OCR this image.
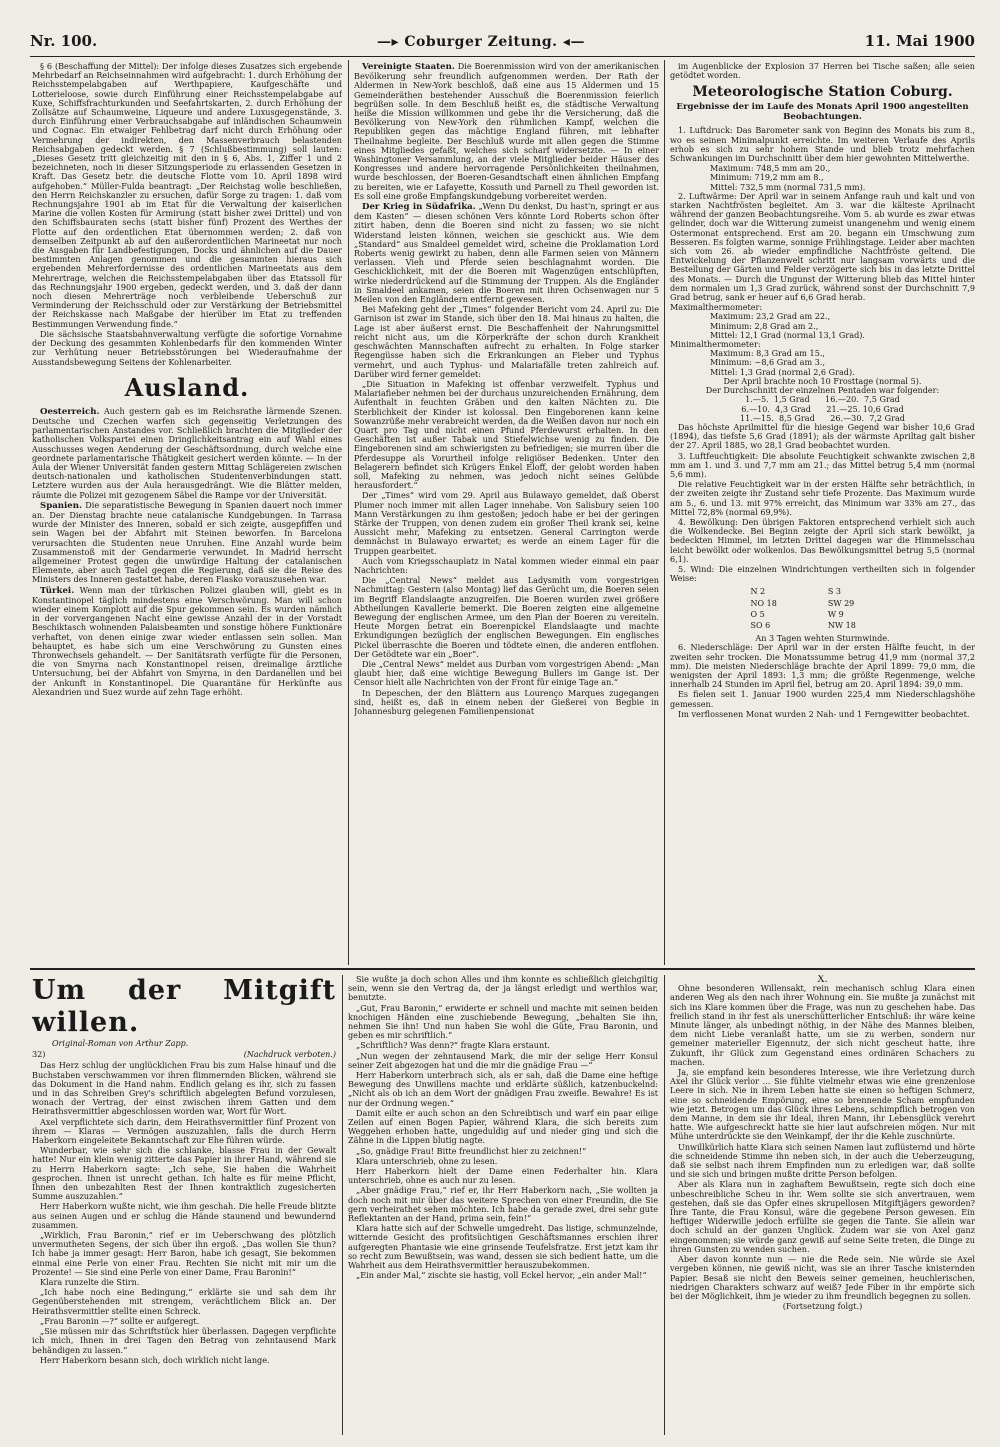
Nr. 100.	—▸ Coburger Zeitung. ◂—	11. Mai 1900

§ 6 (Beschaffung der Mittel): Der infolge dieses Zusatzes sich ergebende Mehrbedarf an Reichseinnahmen wird aufgebracht: 1. durch Erhöhung der Reichsstempelabgaben auf Werthpapiere, Kaufgeschäfte und Lotterieloose, sowie durch Einführung einer Reichsstempelabgabe auf Kuxe, Schiffsfrachturkunden und Seefahrtskarten, 2. durch Erhöhung der Zollsätze auf Schaumweine, Liqueure und andere Luxusgegenstände, 3. durch Einführung einer Verbrauchsabgabe auf inländischen Schaumwein und Cognac. Ein etwaiger Fehlbetrag darf nicht durch Erhöhung oder Vermehrung der indirekten, den Massenverbrauch belastenden Reichsabgaben gedeckt werden. § 7 (Schlußbestimmung) soll lauten: „Dieses Gesetz tritt gleichzeitig mit den in § 6, Abs. 1, Ziffer 1 und 2 bezeichneten, noch in dieser Sitzungsperiode zu erlassenden Gesetzen in Kraft. Das Gesetz betr. die deutsche Flotte vom 10. April 1898 wird aufgehoben.“ Müller-Fulda beantragt: „Der Reichstag wolle beschließen, den Herrn Reichskanzler zu ersuchen, dafür Sorge zu tragen: 1. daß vom Rechnungsjahre 1901 ab im Etat für die Verwaltung der kaiserlichen Marine die vollen Kosten für Armirung (statt bisher zwei Drittel) und von den Schiffsbauraten sechs (statt bisher fünf) Prozent des Werthes der Flotte auf den ordentlichen Etat übernommen werden; 2. daß von demselben Zeitpunkt ab auf den außerordentlichen Marineetat nur noch die Ausgaben für Landbefestigungen, Docks und ähnlichen auf die Dauer bestimmten Anlagen genommen und die gesammten hieraus sich ergebenden Mehrerfordernisse des ordentlichen Marineetats aus dem Mehrertrage, welchen die Reichsstempelabgaben über das Etatssoll für das Rechnungsjahr 1900 ergeben, gedeckt werden, und 3. daß der dann noch diesen Mehrerträge noch verbleibende Ueberschuß zur Verminderung der Reichsschuld oder zur Verstärkung der Betriebsmittel der Reichskasse nach Maßgabe der hierüber im Etat zu treffenden Bestimmungen Verwendung finde.“

Die sächsische Staatsbahnverwaltung verfügte die sofortige Vornahme der Deckung des gesammten Kohlenbedarfs für den kommenden Winter zur Verhütung neuer Betriebsstörungen bei Wiederaufnahme der Ausstandsbewegung Seitens der Kohlenarbeiter.

Ausland.

Oesterreich. Auch gestern gab es im Reichsrathe lärmende Szenen. Deutsche und Czechen warfen sich gegenseitig Verletzungen des parlamentarischen Anstandes vor. Schließlich brachten die Mitglieder der katholischen Volkspartei einen Dringlichkeitsantrag ein auf Wahl eines Ausschusses wegen Aenderung der Geschäftsordnung, durch welche eine geordnete parlamentarische Thätigkeit gesichert werden könnte. — In der Aula der Wiener Universität fanden gestern Mittag Schlägereien zwischen deutsch-nationalen und katholischen Studentenverbindungen statt. Letztere wurden aus der Aula herausgedrängt. Wie die Blätter melden, räumte die Polizei mit gezogenem Säbel die Rampe vor der Universität.

Spanien. Die separatistische Bewegung in Spanien dauert noch immer an. Der Dienstag brachte neue catalanische Kundgebungen. In Tarrasa wurde der Minister des Inneren, sobald er sich zeigte, ausgepfiffen und sein Wagen bei der Abfahrt mit Steinen beworfen. In Barcelona verursachten die Studenten neue Unruhen. Eine Anzahl wurde beim Zusammenstoß mit der Gendarmerie verwundet. In Madrid herrscht allgemeiner Protest gegen die unwürdige Haltung der catalanischen Elemente, aber auch Tadel gegen die Regierung, daß sie die Reise des Ministers des Inneren gestattet habe, deren Fiasko vorauszusehen war.

Türkei. Wenn man der türkischen Polizei glauben will, giebt es in Konstantinopel täglich mindestens eine Verschwörung. Man will schon wieder einem Komplott auf die Spur gekommen sein. Es wurden nämlich in der vorvergangenen Nacht eine gewisse Anzahl der in der Vorstadt Beschiktasch wohnenden Palaisbeamten und sonstige höhere Funktionäre verhaftet, von denen einige zwar wieder entlassen sein sollen. Man behauptet, es habe sich um eine Verschwörung zu Gunsten eines Thronwechsels gehandelt. — Der Sanitätsrath verfügte für die Personen, die von Smyrna nach Konstantinopel reisen, dreimalige ärztliche Untersuchung, bei der Abfahrt von Smyrna, in den Dardanellen und bei der Ankunft in Konstantinopel. Die Quarantäne für Herkünfte aus Alexandrien und Suez wurde auf zehn Tage erhöht.

Vereinigte Staaten. Die Boerenmission wird von der amerikanischen Bevölkerung sehr freundlich aufgenommen werden. Der Rath der Aldermen in New-York beschloß, daß eine aus 15 Aldermen und 15 Gemeinderäthen bestehender Ausschuß die Boerenmission feierlich begrüßen solle. In dem Beschluß heißt es, die städtische Verwaltung heiße die Mission willkommen und gebe ihr die Versicherung, daß die Bevölkerung von New-York den rühmlichen Kampf, welchen die Republiken gegen das mächtige England führen, mit lebhafter Theilnahme begleite. Der Beschluß wurde mit allen gegen die Stimme eines Mitgliedes gefaßt, welches sich scharf widersetzte. — In einer Washingtoner Versammlung, an der viele Mitglieder beider Häuser des Kongresses und andere hervorragende Persönlichkeiten theilnahmen, wurde beschlossen, der Boeren-Gesandtschaft einen ähnlichen Empfang zu bereiten, wie er Lafayette, Kossuth und Parnell zu Theil geworden ist. Es soll eine große Empfangskundgebung vorbereitet werden.

Der Krieg in Südafrika. „Wenn Du denkst, Du hast'n, springt er aus dem Kasten“ — diesen schönen Vers könnte Lord Roberts schon öfter zitirt haben, denn die Boeren sind nicht zu fassen; wo sie nicht Widerstand leisten können, weichen sie geschickt aus. Wie dem „Standard“ aus Smaldeel gemeldet wird, scheine die Proklamation Lord Roberts wenig gewirkt zu haben, denn alle Farmen seien von Männern verlassen. Vieh und Pferde seien beschlagnahmt worden. Die Geschicklichkeit, mit der die Boeren mit Wagenzügen entschlüpften, wirke niederdrückend auf die Stimmung der Truppen. Als die Engländer in Smaldeel ankamen, seien die Boeren mit ihren Ochsenwagen nur 5 Meilen von den Engländern entfernt gewesen.

Bei Mafeking geht der „Times“ folgender Bericht vom 24. April zu: Die Garnison ist zwar im Stande, sich über den 18. Mai hinaus zu halten, die Lage ist aber äußerst ernst. Die Beschaffenheit der Nahrungsmittel reicht nicht aus, um die Körperkräfte der schon durch Krankheit geschwächten Mannschaften aufrecht zu erhalten. In Folge starker Regengüsse haben sich die Erkrankungen an Fieber und Typhus vermehrt, und auch Typhus- und Malariafälle treten zahlreich auf. Darüber wird ferner gemeldet:

„Die Situation in Mafeking ist offenbar verzweifelt. Typhus und Malariafieber nehmen bei der durchaus unzureichenden Ernährung, dem Aufenthalt in feuchten Gräben und den kalten Nächten zu. Die Sterblichkeit der Kinder ist kolossal. Den Eingeborenen kann keine Sowanzrüße mehr verabreicht werden, da die Weißen davon nur noch ein Quart pro Tag und nicht einen Pfund Pferdewurst erhalten. In den Geschäften ist außer Tabak und Stiefelwichse wenig zu finden. Die Eingeborenen sind am schwierigsten zu befriedigen; sie murren über die Pferdesuppe als Vorurtheil infolge religiöser Bedenken. Unter den Belagerern befindet sich Krügers Enkel Eloff, der gelobt worden haben soll, Mafeking zu nehmen, was jedoch nicht seines Gelübde herausfordert.“

Der „Times“ wird vom 29. April aus Bulawayo gemeldet, daß Oberst Plumer noch immer mit allen Lager innehabe. Von Salisbury seien 100 Mann Verstärkungen zu ihm gestoßen; jedoch habe er bei der geringen Stärke der Truppen, von denen zudem ein großer Theil krank sei, keine Aussicht mehr, Mafeking zu entsetzen. General Carrington werde demnächst in Bulawayo erwartet; es werde an einem Lager für die Truppen gearbeitet.

Auch vom Kriegsschauplatz in Natal kommen wieder einmal ein paar Nachrichten:

Die „Central News“ meldet aus Ladysmith vom vorgestrigen Nachmittag: Gestern (also Montag) lief das Gerücht um, die Boeren seien im Begriff Elandslaagte anzugreifen. Die Boeren wurden zwei größere Abtheilungen Kavallerie bemerkt. Die Boeren zeigten eine allgemeine Bewegung der englischen Armee, um den Plan der Boeren zu vereiteln. Heute Morgen betrat ein Boerenpickel Elandslaagte und machte Erkundigungen bezüglich der englischen Bewegungen. Ein englisches Pickel überraschte die Boeren und tödtete einen, die anderen entflohen. Der Getödtete war ein „Boer“.

Die „Central News“ meldet aus Durban vom vorgestrigen Abend: „Man glaubt hier, daß eine wichtige Bewegung Bullers im Gange ist. Der Censor hielt alle Nachrichten von der Front für einige Tage an.“

In Depeschen, der den Blättern aus Lourenço Marques zugegangen sind, heißt es, daß in einem neben der Gießerei von Begbie in Johannesburg gelegenen Familienpensionat

im Augenblicke der Explosion 37 Herren bei Tische saßen; alle seien getödtet worden.

Meteorologische Station Coburg.
Ergebnisse der im Laufe des Monats April 1900 angestellten Beobachtungen.

1. Luftdruck: Das Barometer sank von Beginn des Monats bis zum 8., wo es seinen Minimalpunkt erreichte. Im weiteren Verlaufe des Aprils erhob es sich zu sehr hohem Stande und blieb trotz mehrfachen Schwankungen im Durchschnitt über dem hier gewohnten Mittelwerthe.

Maximum: 748,5 mm am 20.,
Minimum: 719,2 mm am 8.,
Mittel: 732,5 mm (normal 731,5 mm).

2. Luftwärme: Der April war in seinem Anfange rauh und kalt und von starken Nachtfrösten begleitet. Am 3. war die kälteste Aprilnacht während der ganzen Beobachtungsreihe. Vom 5. ab wurde es zwar etwas gelinder, doch war die Witterung zumeist unangenehm und wenig einem Ostermonat entsprechend. Erst am 20. begann ein Umschwung zum Besseren. Es folgten warme, sonnige Frühlingstage. Leider aber machten sich vom 26. ab wieder empfindliche Nachtfröste geltend. Die Entwickelung der Pflanzenwelt schritt nur langsam vorwärts und die Bestellung der Gärten und Felder verzögerte sich bis in das letzte Drittel des Monats. — Durch die Ungunst der Witterung blieb das Mittel hinter dem normalen um 1,3 Grad zurück, während sonst der Durchschnitt 7,9 Grad betrug, sank er heuer auf 6,6 Grad herab.

Maximalthermometer:
Maximum: 23,2 Grad am 22.,
Minimum: 2,8 Grad am 2.,
Mittel: 12,1 Grad (normal 13,1 Grad).
Minimalthermometer:
Maximum: 8,3 Grad am 15.,
Minimum: −8,6 Grad am 3.,
Mittel: 1,3 Grad (normal 2,6 Grad).
Der April brachte noch 10 Frosttage (normal 5).
Der Durchschnitt der einzelnen Pentaden war folgender:
1.—5.  1,5 Grad      16.—20.  7,5 Grad
6.—10.  4,3 Grad      21.—25. 10,6 Grad
11.—15.  8,5 Grad      26.—30.  7,2 Grad

Das höchste Aprilmittel für die hiesige Gegend war bisher 10,6 Grad (1894), das tiefste 5,6 Grad (1891); als der wärmste Apriltag galt bisher der 27. April 1885, wo 28,1 Grad beobachtet wurden.

3. Luftfeuchtigkeit: Die absolute Feuchtigkeit schwankte zwischen 2,8 mm am 1. und 3. und 7,7 mm am 21.; das Mittel betrug 5,4 mm (normal 5,6 mm).

Die relative Feuchtigkeit war in der ersten Hälfte sehr beträchtlich, in der zweiten zeigte ihr Zustand sehr tiefe Prozente. Das Maximum wurde am 5., 6. und 13. mit 97% erreicht, das Minimum war 33% am 27., das Mittel 72,8% (normal 69,9%).

4. Bewölkung: Den übrigen Faktoren entsprechend verhielt sich auch die Wolkendecke. Bei Beginn zeigte der April sich stark bewölkt, ja bedeckten Himmel, im letzten Drittel dagegen war die Himmelsschau leicht bewölkt oder wolkenlos. Das Bewölkungsmittel betrug 5,5 (normal 6,1).

5. Wind: Die einzelnen Windrichtungen vertheilten sich in folgender Weise:

N 2	S 3
NO 18	SW 29
O 5	W 9
SO 6	NW 18
An 3 Tagen wehten Sturmwinde.

6. Niederschläge: Der April war in der ersten Hälfte feucht, in der zweiten sehr trocken. Die Monatssumme betrug 41,9 mm (normal 37,2 mm). Die meisten Niederschläge brachte der April 1899: 79,0 mm, die wenigsten der April 1893: 1,3 mm; die größte Regenmenge, welche innerhalb 24 Stunden im April fiel, betrug am 20. April 1894: 39,0 mm.

Es fielen seit 1. Januar 1900 wurden 225,4 mm Niederschlagshöhe gemessen.

Im verflossenen Monat wurden 2 Nah- und 1 Ferngewitter beobachtet.

Um der Mitgift willen.
Original-Roman von Arthur Zapp.
32)	(Nachdruck verboten.)

Das Herz schlug der unglücklichen Frau bis zum Halse hinauf und die Buchstaben verschwammen vor ihren flimmernden Blicken, während sie das Dokument in die Hand nahm. Endlich gelang es ihr, sich zu fassen und in das Schreiben Grey's schriftlich abgelegten Befund vorzulesen, wonach der Vertrag, der einst zwischen ihrem Gatten und dem Heirathsvermittler abgeschlossen worden war, Wort für Wort.

Axel verpflichtete sich darin, dem Heirathsvermittler fünf Prozent von ihrem — Klaras — Vermögen auszuzahlen, falls die durch Herrn Haberkorn eingeleitete Bekanntschaft zur Ehe führen würde.

Wunderbar, wie sehr sich die schlanke, blasse Frau in der Gewalt hatte! Nur ein klein wenig zitterte das Papier in ihrer Hand, während sie zu Herrn Haberkorn sagte: „Ich sehe, Sie haben die Wahrheit gesprochen. Ihnen ist unrecht gethan. Ich halte es für meine Pflicht, Ihnen den unbezahlten Rest der Ihnen kontraktlich zugesicherten Summe auszuzahlen.“

Herr Haberkorn wußte nicht, wie ihm geschah. Die helle Freude blitzte aus seinen Augen und er schlug die Hände staunend und bewundernd zusammen.

„Wirklich, Frau Baronin,“ rief er im Ueberschwang des plötzlich unvermutheten Segens, der sich über ihn ergoß. „Das wollen Sie thun? Ich habe ja immer gesagt: Herr Baron, habe ich gesagt, Sie bekommen einmal eine Perle von einer Frau. Rechten Sie nicht mit mir um die Prozente! — Sie sind eine Perle von einer Dame, Frau Baronin!“

Klara runzelte die Stirn.

„Ich habe noch eine Bedingung,“ erklärte sie und sah dem ihr Gegenüberstehenden mit strengem, verächtlichem Blick an. Der Heirathsvermittler stellte einen Schreck.

„Frau Baronin —?“ sollte er aufgeregt.

„Sie müssen mir das Schriftstück hier überlassen. Dagegen verpflichte ich mich, Ihnen in drei Tagen den Betrag von zehntausend Mark behändigen zu lassen.“

Herr Haberkorn besann sich, doch wirklich nicht lange.

Sie wußte ja doch schon Alles und ihm konnte es schließlich gleichgiltig sein, wenn sie den Vertrag da, der ja längst erledigt und werthlos war, benutzte.

„Gut, Frau Baronin,“ erwiderte er schnell und machte mit seinen beiden knochigen Händen eine zuschiebende Bewegung, „behalten Sie ihn, nehmen Sie ihn! Und nun haben Sie wohl die Güte, Frau Baronin, und geben es mir schriftlich.“

„Schriftlich? Was denn?“ fragte Klara erstaunt.

„Nun wegen der zehntausend Mark, die mir der selige Herr Konsul seiner Zeit abgezogen hat und die mir die gnädige Frau —“

Herr Haberkorn unterbrach sich, als er sah, daß die Dame eine heftige Bewegung des Unwillens machte und erklärte süßlich, katzenbuckelnd: „Nicht als ob ich an dem Wort der gnädigen Frau zweifle. Bewahre! Es ist nur der Ordnung wegen.“

Damit eilte er auch schon an den Schreibtisch und warf ein paar eilige Zeilen auf einen Bogen Papier, während Klara, die sich bereits zum Weggehen erhoben hatte, ungeduldig auf und nieder ging und sich die Zähne in die Lippen blutig nagte.

„So, gnädige Frau! Bitte freundlichst hier zu zeichnen!“

Klara unterschrieb, ohne zu lesen.

Herr Haberkorn hielt der Dame einen Federhalter hin. Klara unterschrieb, ohne es auch nur zu lesen.

„Aber gnädige Frau,“ rief er, ihr Herr Haberkorn nach, „Sie wollten ja doch noch mit mir über das weitere Sprechen von einer Freundin, die Sie gern verheirathet sehen möchten. Ich habe da gerade zwei, drei sehr gute Reflektanten an der Hand, prima sein, fein!“

Klara hatte sich auf der Schwelle umgedreht. Das listige, schmunzelnde, witternde Gesicht des profitsüchtigen Geschäftsmannes erschien ihrer aufgeregten Phantasie wie eine grinsende Teufelsfratze. Erst jetzt kam ihr so recht zum Bewußtsein, was wand, dessen sie sich bedient hatte, um die Wahrheit aus dem Heirathsvermittler herauszubekommen.

„Ein ander Mal,“ zischte sie hastig, voll Eckel hervor, „ein ander Mal!“

X.

Ohne besonderen Willensakt, rein mechanisch schlug Klara einen anderen Weg als den nach ihrer Wohnung ein. Sie mußte ja zunächst mit sich ins Klare kommen über die Frage, was nun zu geschehen habe. Das freilich stand in ihr fest als unerschütterlicher Entschluß: ihr wäre keine Minute länger, als unbedingt nöthig, in der Nähe des Mannes bleiben, dem nicht Liebe veranlaßt hatte, um sie zu werben, sondern nur gemeiner materieller Eigennutz, der sich nicht gescheut hatte, ihre Zukunft, ihr Glück zum Gegenstand eines ordinären Schachers zu machen.

Ja, sie empfand kein besonderes Interesse, wie ihre Verletzung durch Axel ihr Glück verlor ... Sie fühlte vielmehr etwas wie eine grenzenlose Leere in sich. Nie in ihrem Leben hatte sie einen so heftigen Schmerz, eine so schneidende Empörung, eine so brennende Scham empfunden wie jetzt. Betrogen um das Glück ihres Lebens, schimpflich betrogen von dem Manne, in dem sie ihr Ideal, ihren Mann, ihr Lebensglück verehrt hatte. Wie aufgeschreckt hatte sie hier laut aufschreien mögen. Nur mit Mühe unterdrückte sie den Weinkampf, der ihr die Kehle zuschnürte.

Unwillkürlich hatte Klara sich seinen Namen laut zuflüsternd und hörte die schneidende Stimme ihn neben sich, in der auch die Ueberzeugung, daß sie selbst nach ihrem Empfinden nun zu erledigen war, daß sollte und sie sich und bringen mußte dritte Person befolgen.

Aber als Klara nun in zaghaftem Bewußtsein, regte sich doch eine unbeschreibliche Scheu in ihr. Wem sollte sie sich anvertrauen, wem gestehen, daß sie das Opfer eines skrupellosen Mitgiftjägers geworden? Ihre Tante, die Frau Konsul, wäre die gegebene Person gewesen. Ein heftiger Widerwille jedoch erfüllte sie gegen die Tante. Sie allein war doch schuld an der ganzen Unglück. Zudem war sie von Axel ganz eingenommen; sie würde ganz gewiß auf seine Seite treten, die Dinge zu ihren Gunsten zu wenden suchen.

Aber davon konnte nun — nie die Rede sein. Nie würde sie Axel vergeben können, nie gewiß nicht, was sie an ihrer Tasche knisternden Papier. Besaß sie nicht den Beweis seiner gemeinen, heuchlerischen, niedrigen Charakters schwarz auf weiß? Jede Fiber in ihr empörte sich bei der Möglichkeit, ihm je wieder zu ihm freundlich begegnen zu sollen.

(Fortsetzung folgt.)
